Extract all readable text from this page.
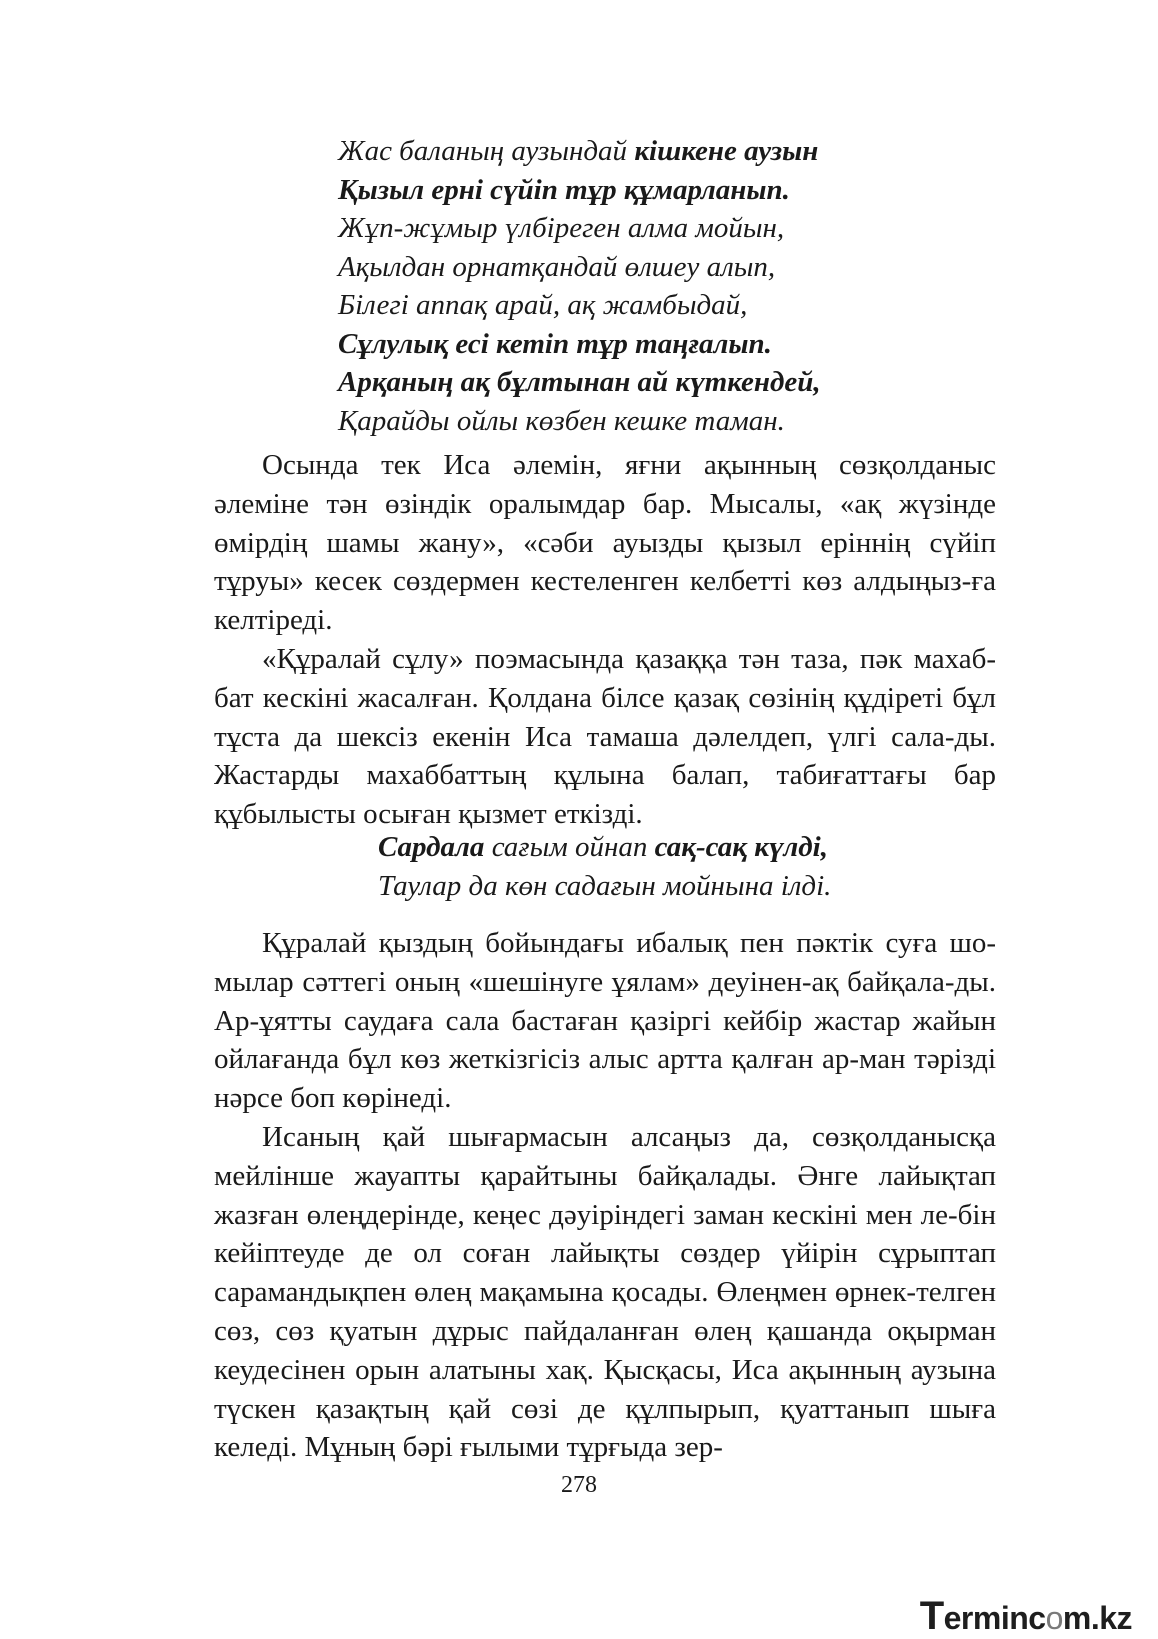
Жас баланың аузындай кішкене аузын
Қызыл ерні сүйіп тұр құмарланып.
Жұп-жұмыр үлбіреген алма мойын,
Ақылдан орнатқандай өлшеу алып,
Білегі аппақ арай, ақ жамбыдай,
Сұлулық есі кетіп тұр таңғалып.
Арқаның ақ бұлтынан ай күткендей,
Қарайды ойлы көзбен кешке таман.

Осында тек Иса әлемін, яғни ақынның сөзқолданыс әлеміне тән өзіндік оралымдар бар. Мысалы, «ақ жүзінде өмірдің шамы жану», «сәби ауызды қызыл еріннің сүйіп тұруы» кесек сөздермен кестеленген келбетті көз алдыңыз-ға келтіреді.

«Құралай сұлу» поэмасында қазаққа тән таза, пәк махаб-бат кескіні жасалған. Қолдана білсе қазақ сөзінің құдіреті бұл тұста да шексіз екенін Иса тамаша дәлелдеп, үлгі сала-ды. Жастарды махаббаттың құлына балап, табиғаттағы бар құбылысты осыған қызмет еткізді.

Сардала сағым ойнап сақ-сақ күлді,
Таулар да көн садағын мойнына ілді.

Құралай қыздың бойындағы ибалық пен пәктік суға шо-мылар сәттегі оның «шешінуге ұялам» деуінен-ақ байқала-ды. Ар-ұятты саудаға сала бастаған қазіргі кейбір жастар жайын ойлағанда бұл көз жеткізгісіз алыс артта қалған ар-ман тәрізді нәрсе боп көрінеді.

Исаның қай шығармасын алсаңыз да, сөзқолданысқа мейлінше жауапты қарайтыны байқалады. Әнге лайықтап жазған өлеңдерінде, кеңес дәуіріндегі заман кескіні мен ле-бін кейіптеуде де ол соған лайықты сөздер үйірін сұрыптап сарамандықпен өлең мақамына қосады. Өлеңмен өрнек-телген сөз, сөз қуатын дұрыс пайдаланған өлең қашанда оқырман кеудесінен орын алатыны хақ. Қысқасы, Иса ақынның аузына түскен қазақтың қай сөзі де құлпырып, қуаттанып шыға келеді. Мұның бәрі ғылыми тұрғыда зер-

278
Termincom.kz
